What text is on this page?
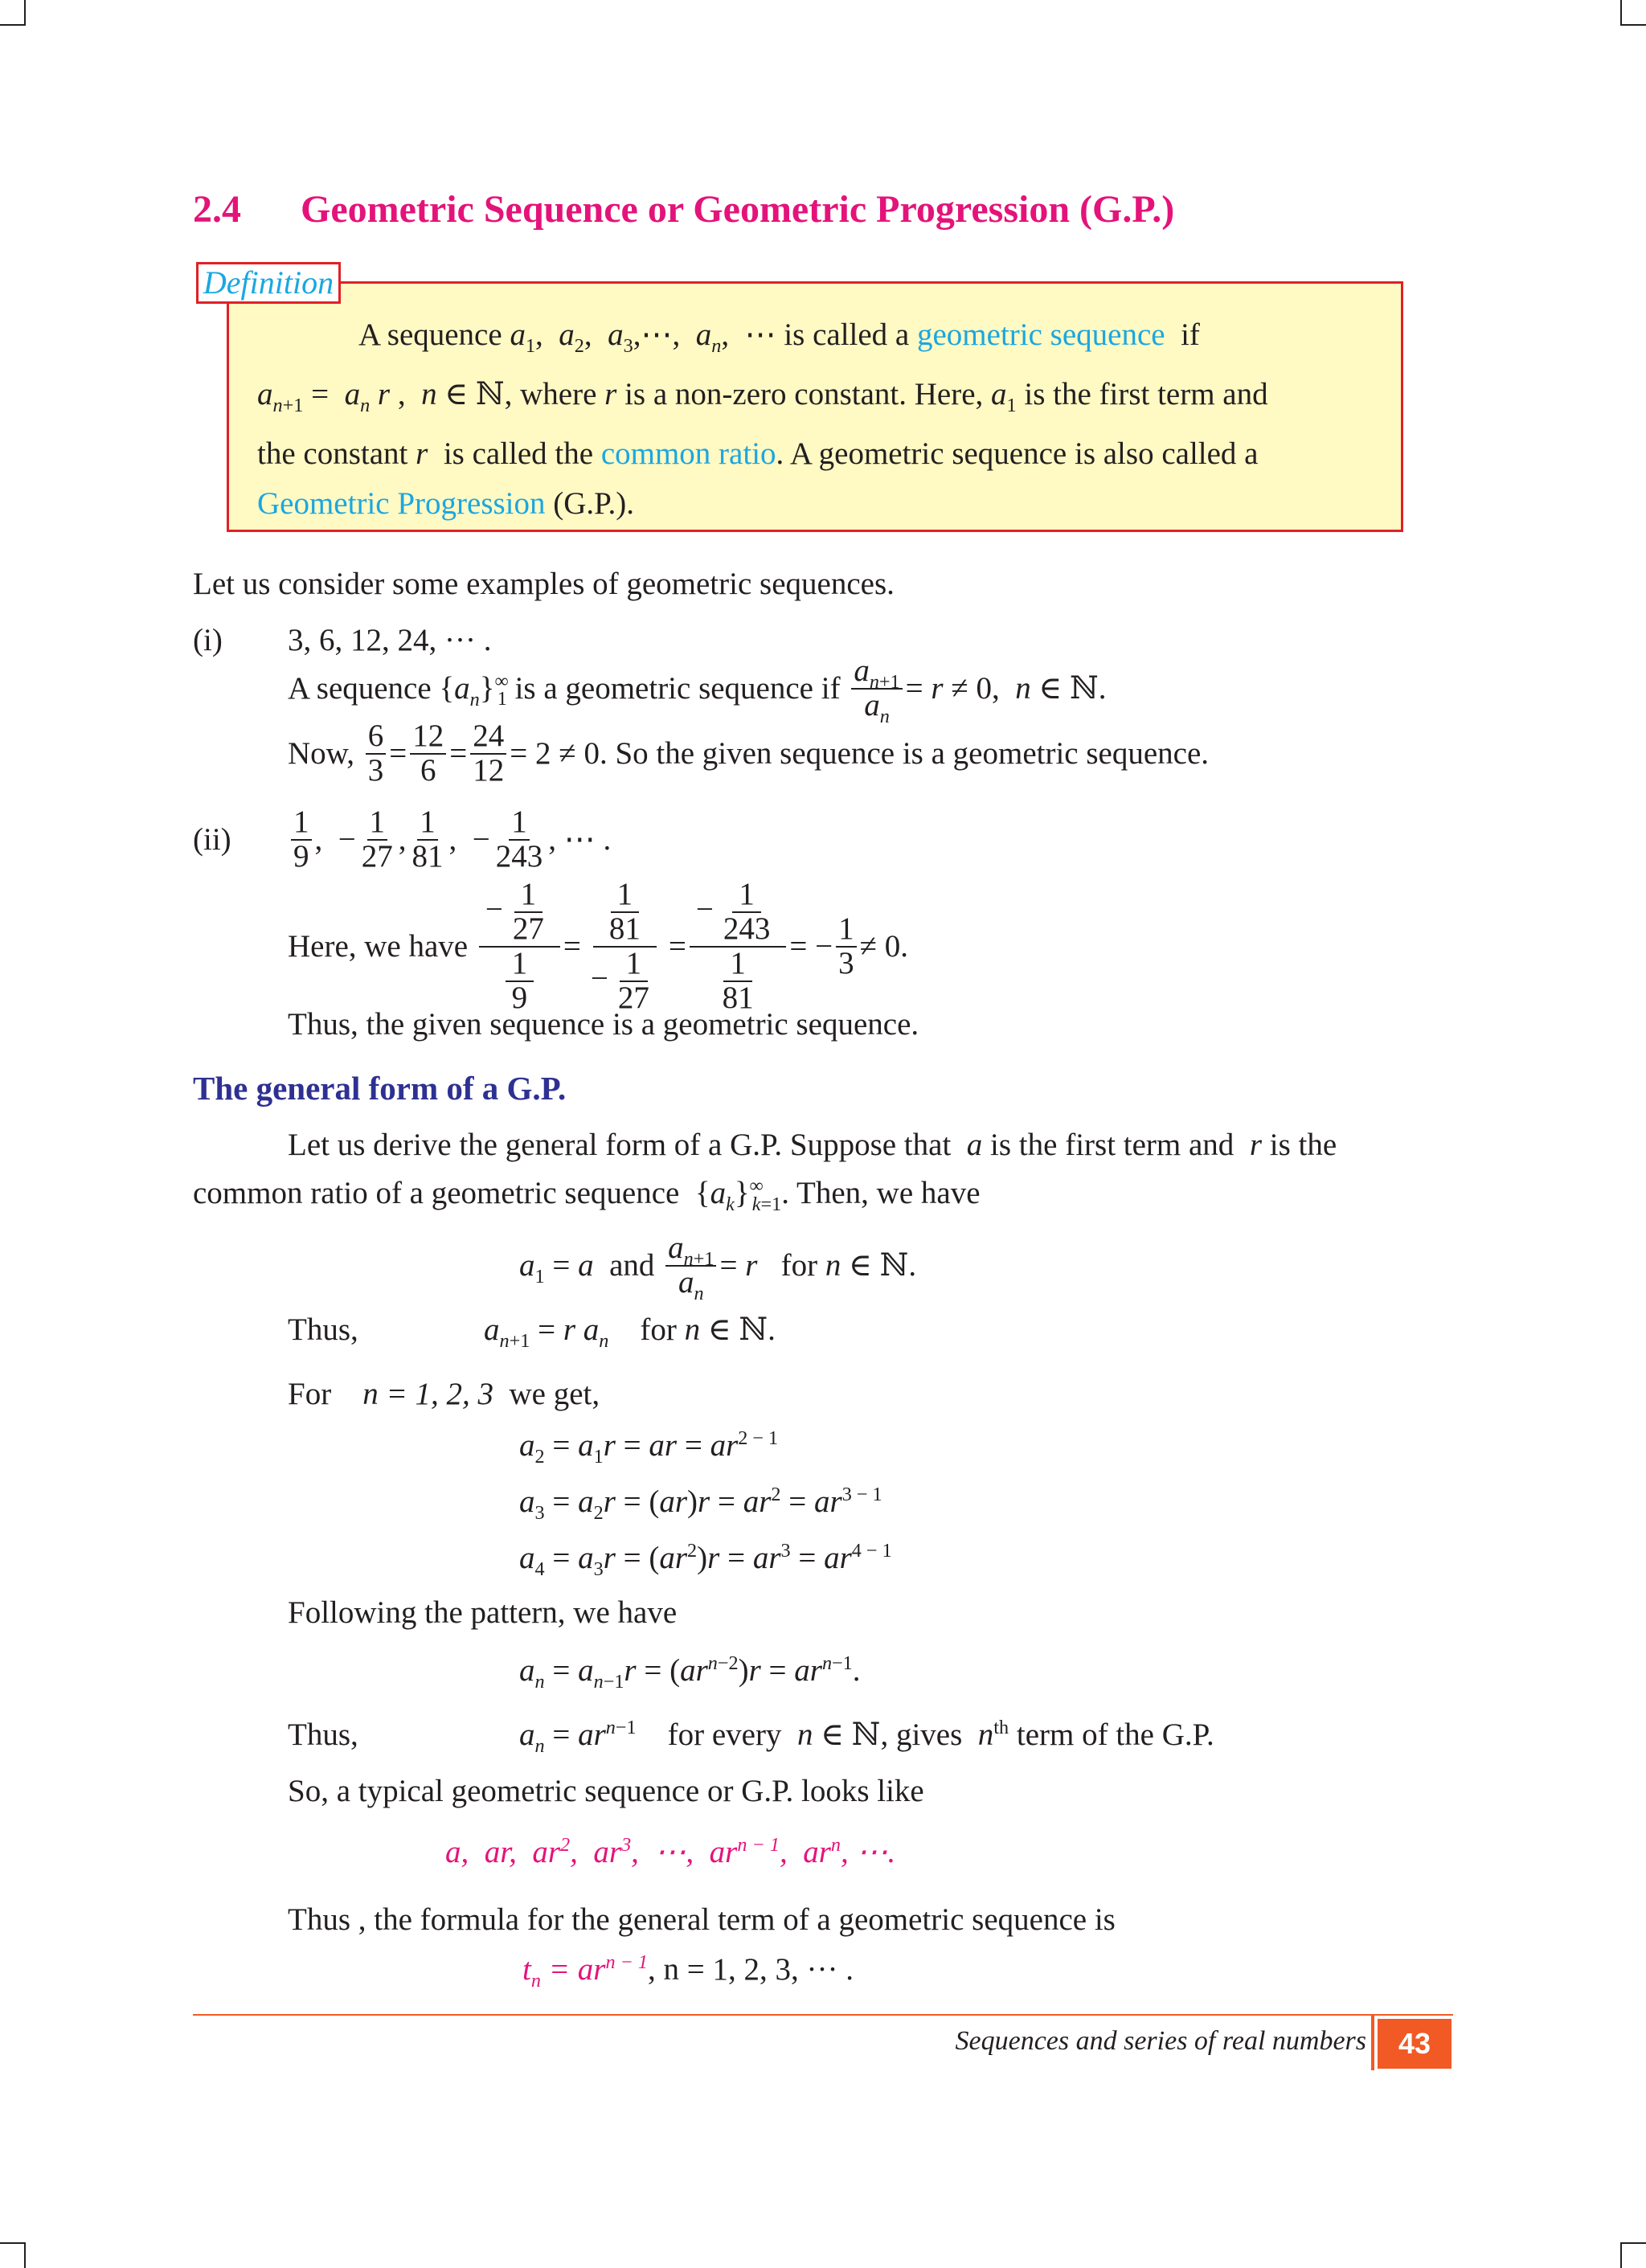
2.4 Geometric Sequence or Geometric Progression (G.P.)
Definition
A sequence $a_1$,  $a_2$,  $a_3,\cdots$,  $a_n$,  ⋯ is called a geometric sequence if
$a_{n+1} = a_n$ r ,  n ∈ ℕ, where r is a non-zero constant. Here, $a_1$ is the first term and
the constant r is called the common ratio. A geometric sequence is also called a
Geometric Progression (G.P.).
Let us consider some examples of geometric sequences.
(i) 3, 6, 12, 24, ··· .
A sequence
$\{a_n\}^\infty_1$
is a geometric sequence if
$\frac{a_{n+1}}{a_n} = r \ne 0$,  n ∈ ℕ.
Now,
$\frac{6}{3} = \frac{12}{6} = \frac{24}{12} = 2 \ne 0$. So the given sequence is a geometric sequence.
$(ii) \frac{1}{9}$ ,  − $\frac{1}{27}$ , $\frac{1}{81}$ ,  − $\frac{1}{243}$ , ⋯ .
Here, we have
$\frac{- \frac{1}{27}}{\frac{1}{9}} = \frac{\frac{1}{81}}{- \frac{1}{27}} = \frac{- \frac{1}{243}}{\frac{1}{81}}$ = − $\frac{1}{3} \ne 0$.
Thus, the given sequence is a geometric sequence.
The general form of a G.P.
Let us derive the general form of a G.P. Suppose that a is the first term and r is the
common ratio of a geometric sequence $\{a_k\}^\infty_{k=1}$. Then, we have
$a_1 = a$
and
$\frac{a_{n+1}}{a_n} = r$
for
n ∈ ℕ.
Thus,	$a_{n+1} = r$ $a_n$    for n ∈ ℕ.
For n = 1, 2, 3 we get,
$a_2 = a_1r$ = ar = $ar^{2 - 1}$
$a_3 = a_2r = (ar)r = ar^2 = ar^{3 - 1}$
$a_4 = a_3r = (ar^2)r = ar^3 = ar^{4 - 1}$
Following the pattern, we have
$a_n = a_{n-1}r = (ar^{n-2})r = ar^{n-1}$.
Thus,	$a_n = ar^{n-1}$ for every n ∈ ℕ, gives $n^{th}$ term of the G.P.
So, a typical geometric sequence or G.P. looks like
a,  ar,  $ar^2$,  $ar^3$,  ⋯,  $ar^{n - 1}$,  $ar^n$, ⋯.
Thus , the formula for the general term of a geometric sequence is
$t_n = ar^{n - 1}$, n = 1, 2, 3, ··· .
Sequences and series of real numbers	43
